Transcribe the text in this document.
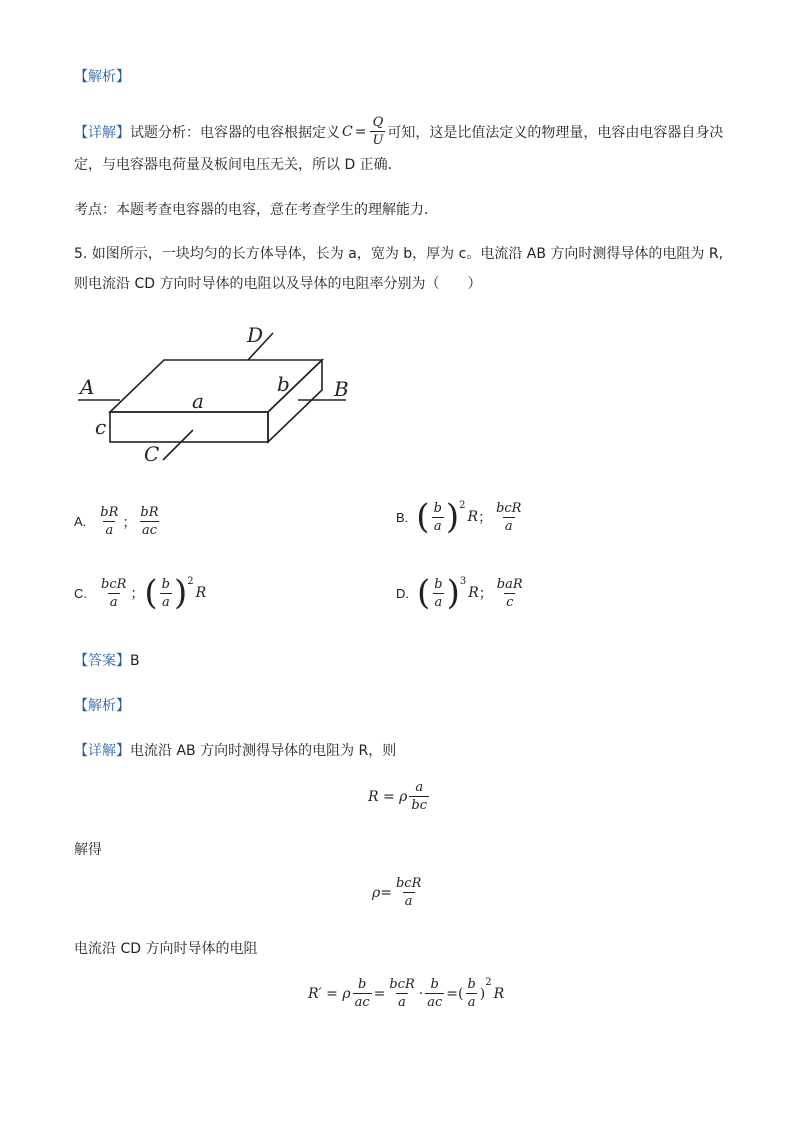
【解析】
【详解】 试题分析：电容器的电容根据定义 $C = \frac{Q}{U}$ 可知，这是比值法定义的物理量，电容由电容器自身决
定，与电容器电荷量及板间电压无关，所以 D 正确．
考点：本题考查电容器的电容，意在考查学生的理解能力．
5. 如图所示，一块均匀的长方体导体，长为 a，宽为 b，厚为 c。电流沿 AB 方向时测得导体的电阻为 R,
则电流沿 CD 方向时导体的电阻以及导体的电阻率分别为（　　）
A	B
C
D
a
b
c
A. $\frac{bR}{a}$ ； $\frac{bR}{ac}$	B. ( $\frac{b}{a}$ ) 2
R ； $\frac{\text{bcR}}{a}$
C. $\frac{\text{bcR}}{a}$ ； ( $\frac{b}{a}$ ) 2
R	D. ( $\frac{b}{a}$ ) 3
R ； $\frac{\text{baR}}{c}$
【答案】B
【解析】
【详解】电流沿 AB 方向时测得导体的电阻为 R，则
R = ρ $\frac{a}{bc}$
解得
$\rho= \frac{\text{bcR}}{a}$
电流沿 CD 方向时导体的电阻
R′ = ρ $\frac{b}{ac} = \frac{\text{bcR}}{a} \cdot \frac{b}{ac}$ =( $\frac{b}{a}$ )
2
R
